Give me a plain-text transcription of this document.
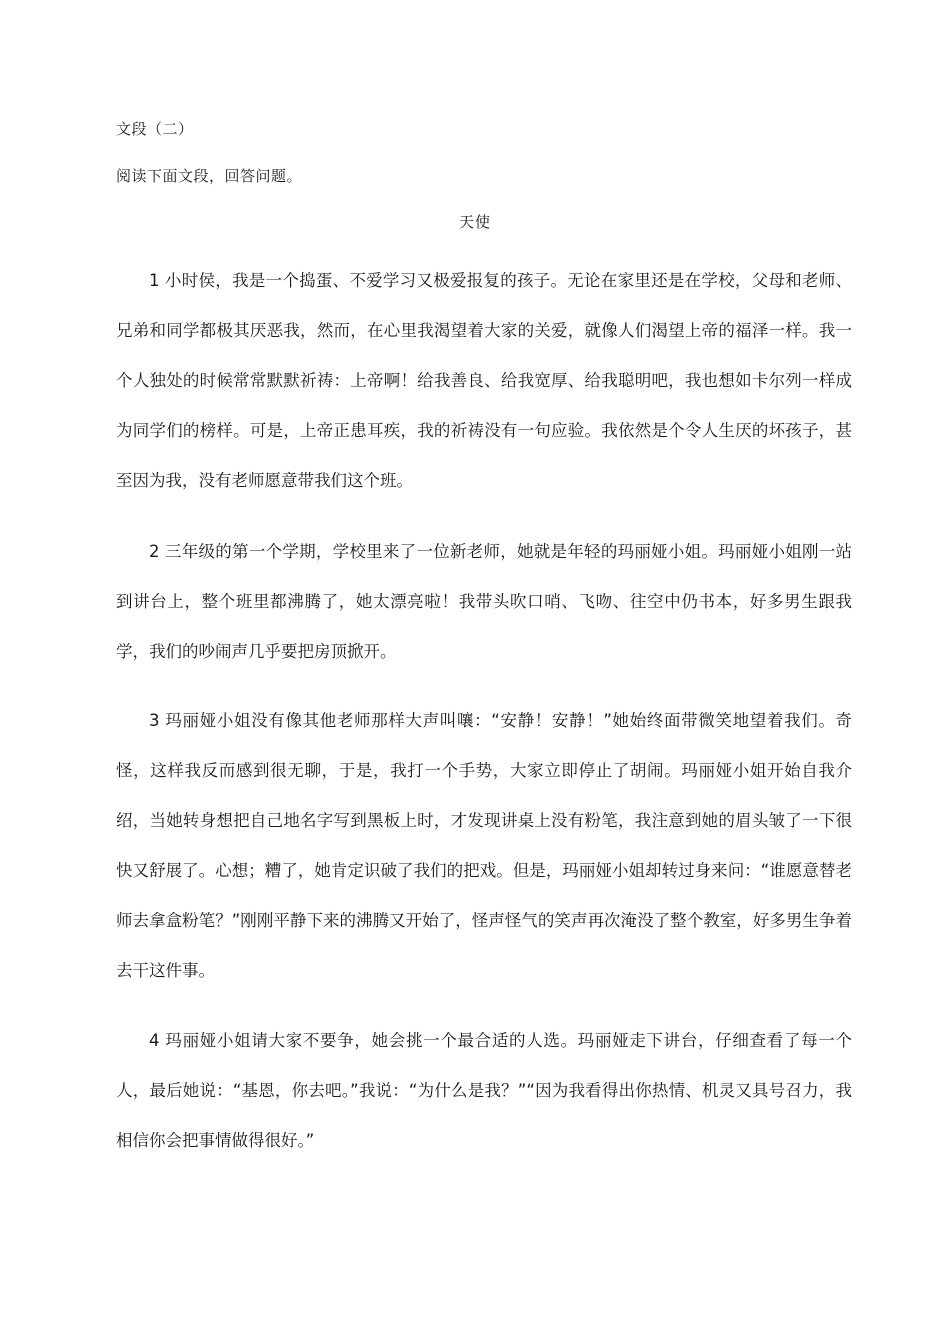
文段（二）
阅读下面文段，回答问题。
天使

1 小时侯，我是一个捣蛋、不爱学习又极爱报复的孩子。无论在家里还是在学校，父母和老师、兄弟和同学都极其厌恶我，然而，在心里我渴望着大家的关爱，就像人们渴望上帝的福泽一样。我一个人独处的时候常常默默祈祷：上帝啊！给我善良、给我宽厚、给我聪明吧，我也想如卡尔列一样成为同学们的榜样。可是，上帝正患耳疾，我的祈祷没有一句应验。我依然是个令人生厌的坏孩子，甚至因为我，没有老师愿意带我们这个班。

2 三年级的第一个学期，学校里来了一位新老师，她就是年轻的玛丽娅小姐。玛丽娅小姐刚一站到讲台上，整个班里都沸腾了，她太漂亮啦！我带头吹口哨、飞吻、往空中仍书本，好多男生跟我学，我们的吵闹声几乎要把房顶掀开。

3 玛丽娅小姐没有像其他老师那样大声叫嚷：“安静！安静！”她始终面带微笑地望着我们。奇怪，这样我反而感到很无聊，于是，我打一个手势，大家立即停止了胡闹。玛丽娅小姐开始自我介绍，当她转身想把自己地名字写到黑板上时，才发现讲桌上没有粉笔，我注意到她的眉头皱了一下很快又舒展了。心想；糟了，她肯定识破了我们的把戏。但是，玛丽娅小姐却转过身来问：“谁愿意替老师去拿盒粉笔？”刚刚平静下来的沸腾又开始了，怪声怪气的笑声再次淹没了整个教室，好多男生争着去干这件事。

4 玛丽娅小姐请大家不要争，她会挑一个最合适的人选。玛丽娅走下讲台，仔细查看了每一个人，最后她说：“基恩，你去吧。”我说：“为什么是我？”“因为我看得出你热情、机灵又具号召力，我相信你会把事情做得很好。”
